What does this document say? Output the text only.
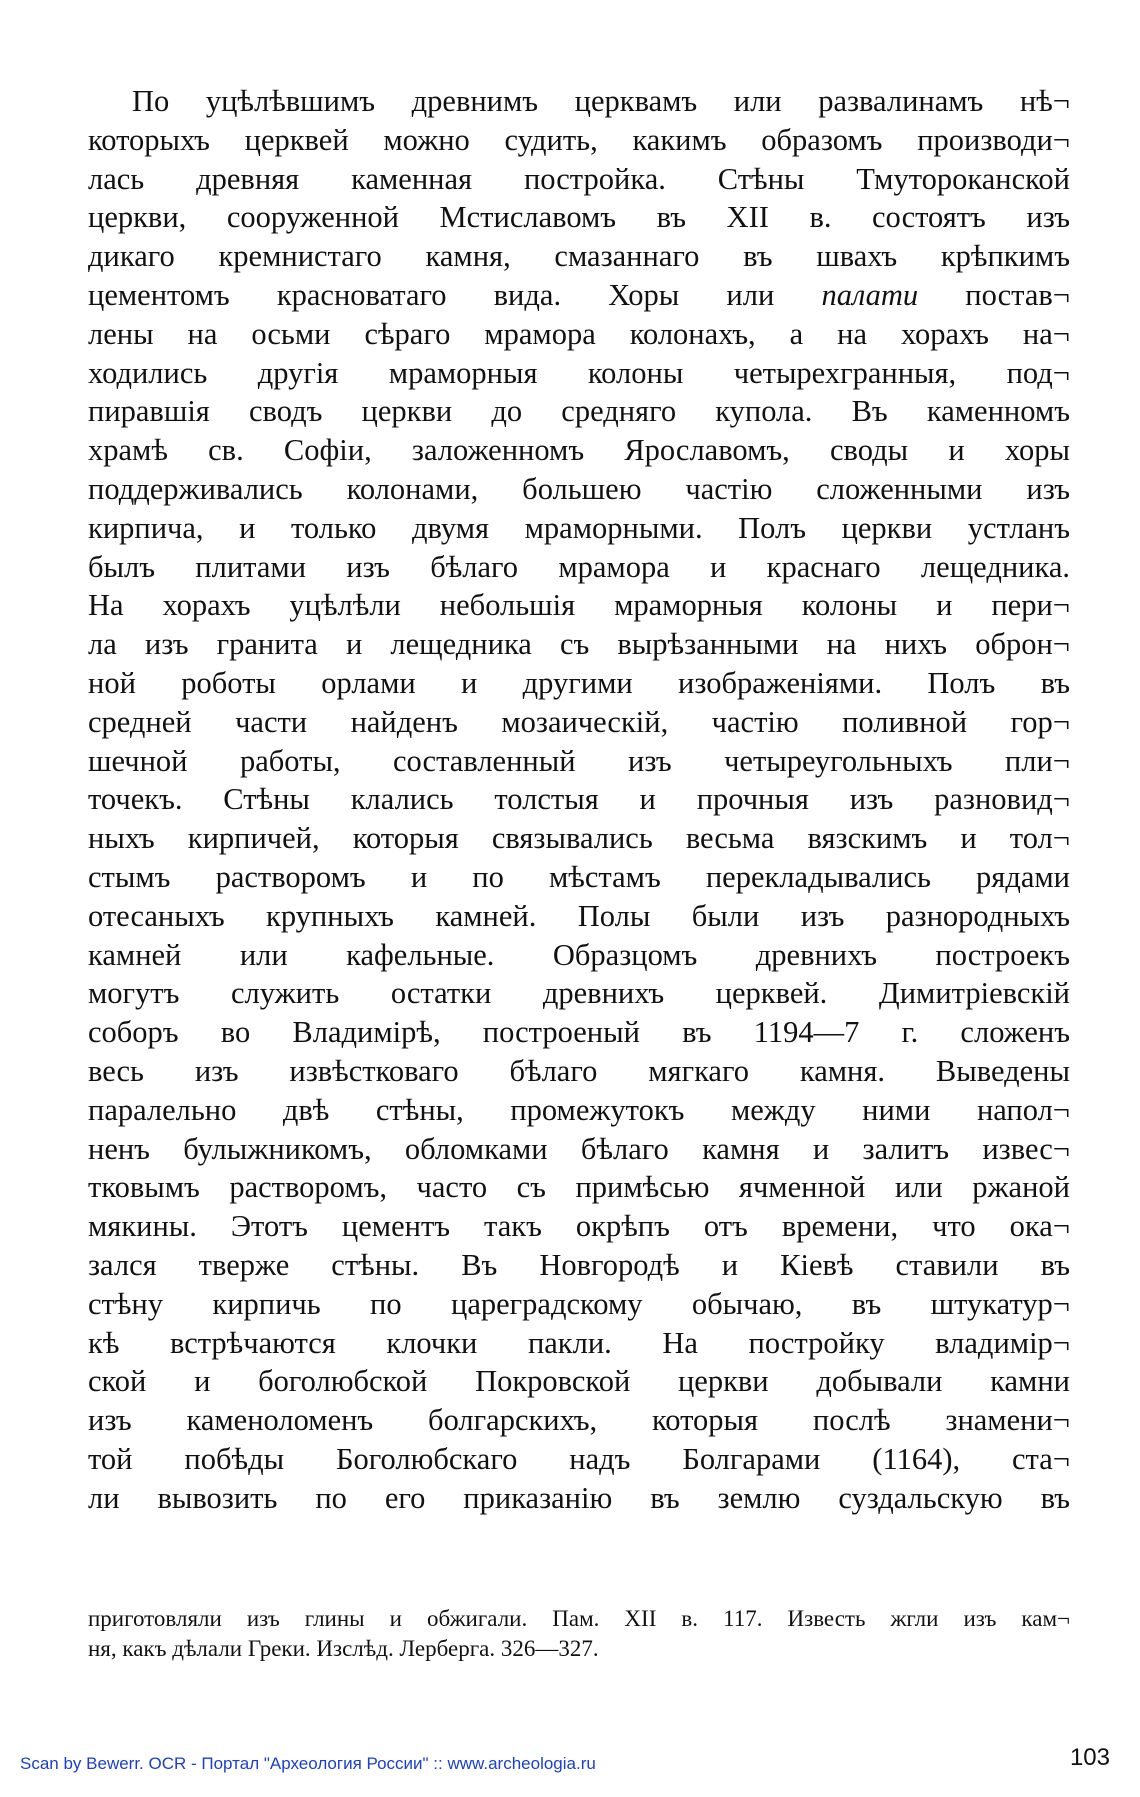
По уцѣлѣвшимъ древнимъ церквамъ или развалинамъ нѣ¬
которыхъ церквей можно судить, какимъ образомъ производи¬
лась древняя каменная постройка. Стѣны Тмутороканской
церкви, сооруженной Мстиславомъ въ XII в. состоятъ изъ
дикаго кремнистаго камня, смазаннаго въ швахъ крѣпкимъ
цементомъ красноватаго вида. Хоры или палати постав¬
лены на осьми сѣраго мрамора колонахъ, а на хорахъ на¬
ходились другія мраморныя колоны четырехгранныя, под¬
пиравшія сводъ церкви до средняго купола. Въ каменномъ
храмѣ св. Софіи, заложенномъ Ярославомъ, своды и хоры
поддерживались колонами, большею частію сложенными изъ
кирпича, и только двумя мраморными. Полъ церкви устланъ
былъ плитами изъ бѣлаго мрамора и краснаго лещедника.
На хорахъ уцѣлѣли небольшія мраморныя колоны и пери¬
ла изъ гранита и лещедника съ вырѣзанными на нихъ оброн¬
ной роботы орлами и другими изображеніями. Полъ въ
средней части найденъ мозаическій, частію поливной гор¬
шечной работы, составленный изъ четыреугольныхъ пли¬
точекъ. Стѣны клались толстыя и прочныя изъ разновид¬
ныхъ кирпичей, которыя связывались весьма вязскимъ и тол¬
стымъ растворомъ и по мѣстамъ перекладывались рядами
отесаныхъ крупныхъ камней. Полы были изъ разнородныхъ
камней или кафельные. Образцомъ древнихъ построекъ
могутъ служить остатки древнихъ церквей. Димитріевскій
соборъ во Владимірѣ, построеный въ 1194—7 г. сложенъ
весь изъ извѣстковаго бѣлаго мягкаго камня. Выведены
паралельно двѣ стѣны, промежутокъ между ними напол¬
ненъ булыжникомъ, обломками бѣлаго камня и залитъ извес¬
тковымъ растворомъ, часто съ примѣсью ячменной или ржаной
мякины. Этотъ цементъ такъ окрѣпъ отъ времени, что ока¬
зался тверже стѣны. Въ Новгородѣ и Кіевѣ ставили въ
стѣну кирпичь по цареградскому обычаю, въ штукатур¬
кѣ встрѣчаются клочки пакли. На постройку владимір¬
ской и боголюбской Покровской церкви добывали камни
изъ каменоломенъ болгарскихъ, которыя послѣ знамени¬
той побѣды Боголюбскаго надъ Болгарами (1164), ста¬
ли вывозить по его приказанію въ землю суздальскую въ
приготовляли изъ глины и обжигали. Пам. XII в. 117. Известь жгли изъ кам¬
ня, какъ дѣлали Греки. Изслѣд. Лерберга. 326—327.
Scan by Bewerr. OCR - Портал "Археология России" :: www.archeologia.ru	103
